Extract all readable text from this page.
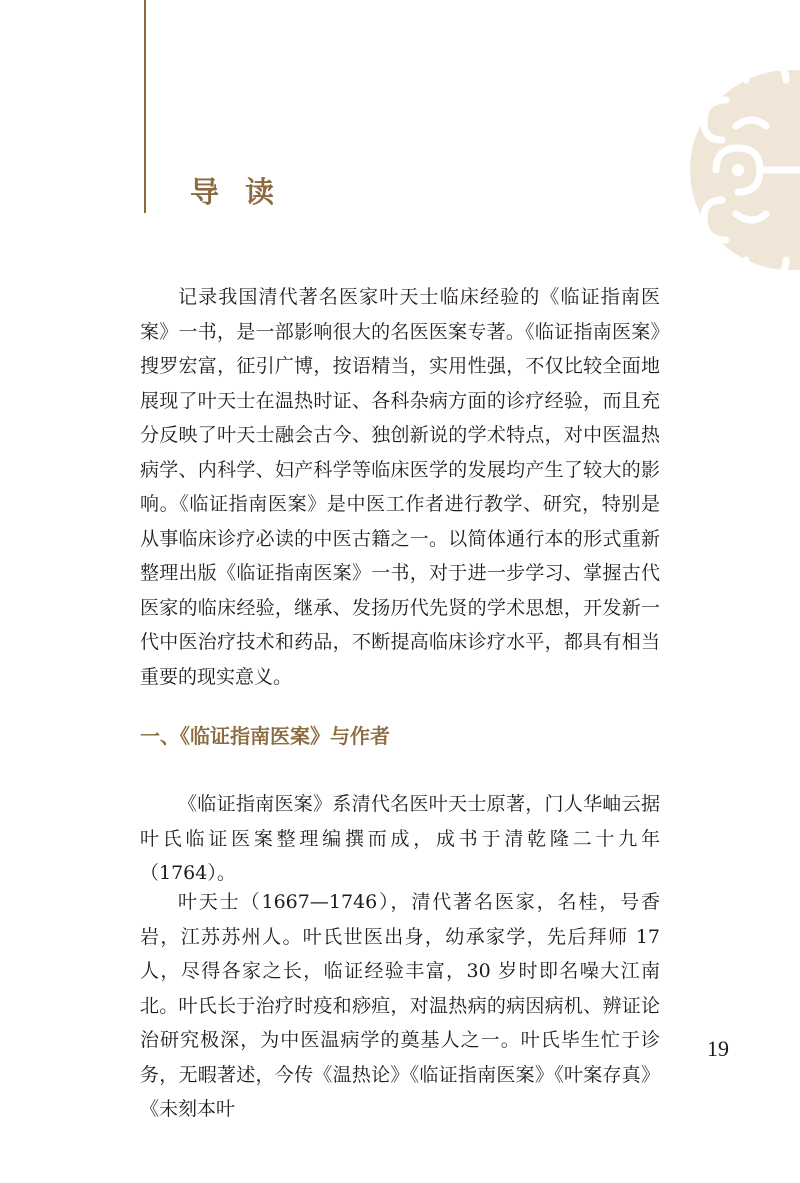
导读

记录我国清代著名医家叶天士临床经验的《临证指南医案》一书，是一部影响很大的名医医案专著。《临证指南医案》搜罗宏富，征引广博，按语精当，实用性强，不仅比较全面地展现了叶天士在温热时证、各科杂病方面的诊疗经验，而且充分反映了叶天士融会古今、独创新说的学术特点，对中医温热病学、内科学、妇产科学等临床医学的发展均产生了较大的影响。《临证指南医案》是中医工作者进行教学、研究，特别是从事临床诊疗必读的中医古籍之一。以简体通行本的形式重新整理出版《临证指南医案》一书，对于进一步学习、掌握古代医家的临床经验，继承、发扬历代先贤的学术思想，开发新一代中医治疗技术和药品，不断提高临床诊疗水平，都具有相当重要的现实意义。

一、《临证指南医案》与作者

《临证指南医案》系清代名医叶天士原著，门人华岫云据叶氏临证医案整理编撰而成，成书于清乾隆二十九年（1764）。

叶天士（1667—1746），清代著名医家，名桂，号香岩，江苏苏州人。叶氏世医出身，幼承家学，先后拜师 17 人，尽得各家之长，临证经验丰富，30 岁时即名噪大江南北。叶氏长于治疗时疫和痧疸，对温热病的病因病机、辨证论治研究极深，为中医温病学的奠基人之一。叶氏毕生忙于诊务，无暇著述，今传《温热论》《临证指南医案》《叶案存真》《未刻本叶

19
